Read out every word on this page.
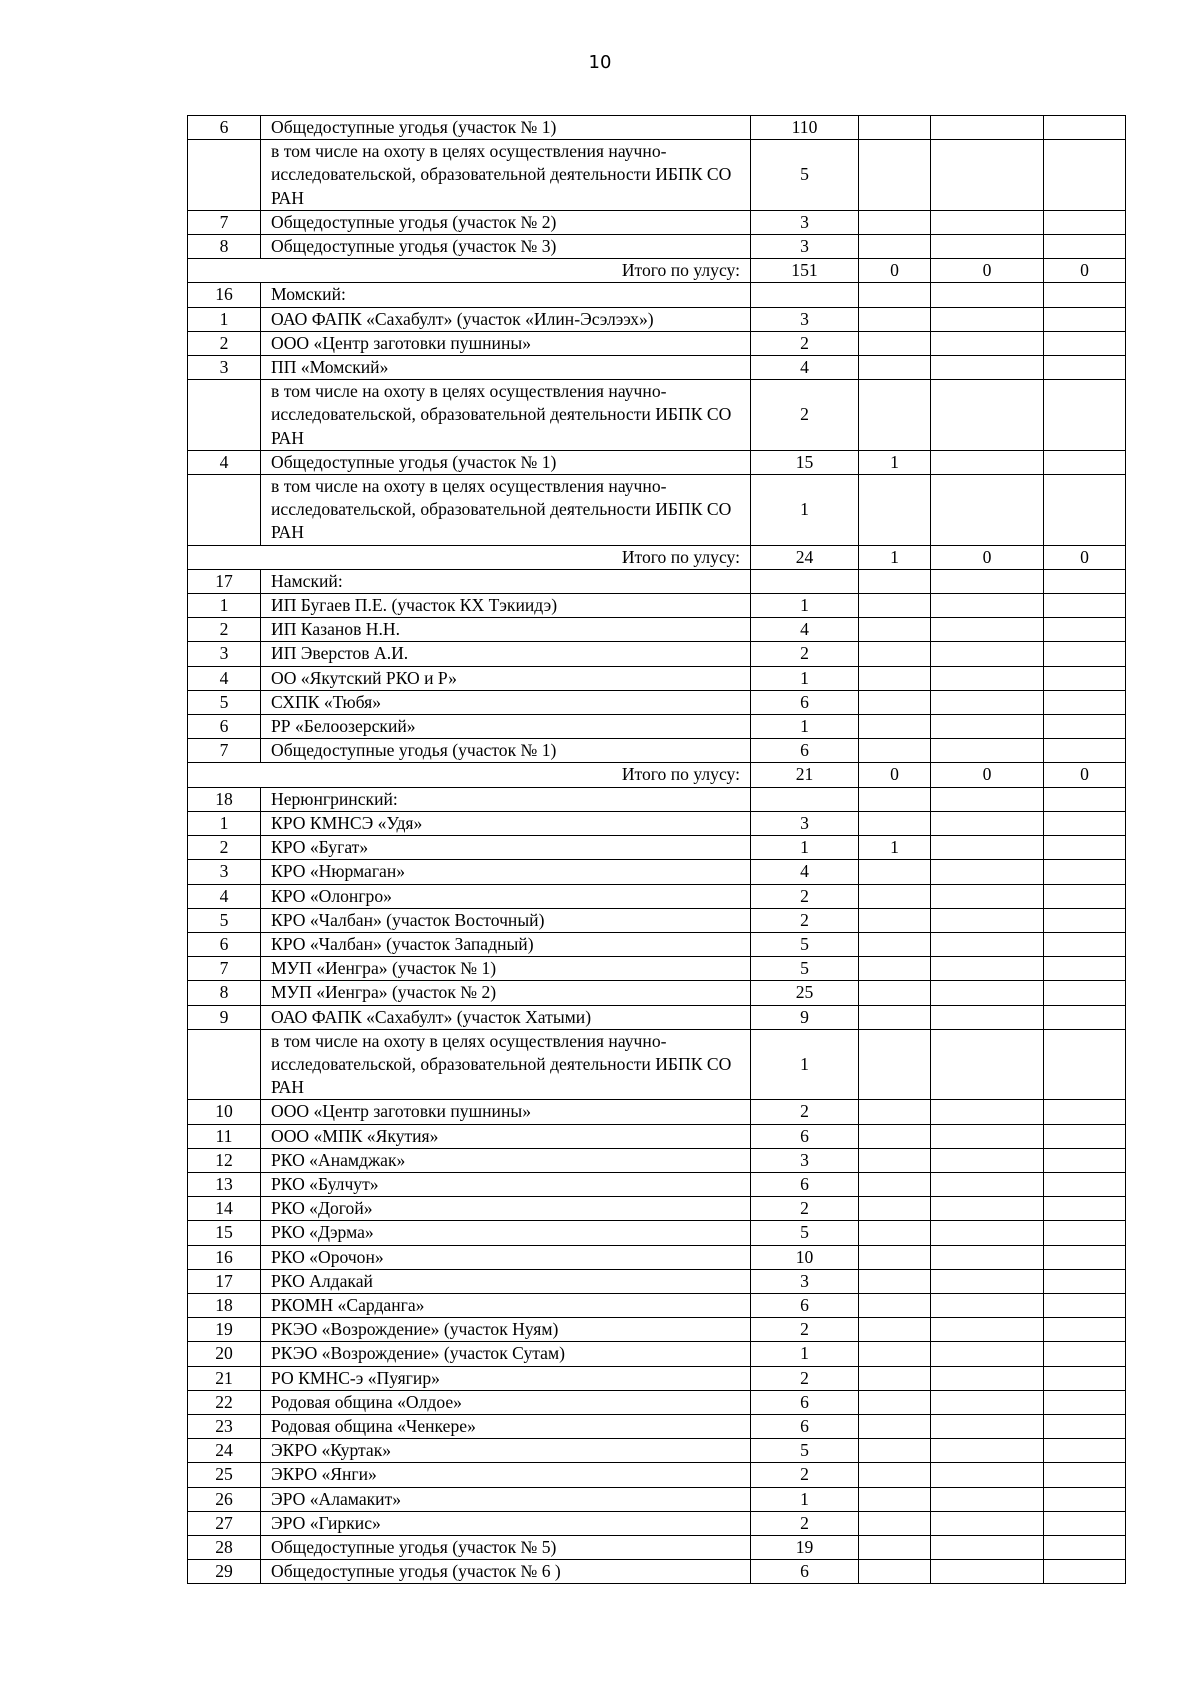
10
6	Общедоступные угодья (участок № 1)	110			
	в том числе на охоту в целях осуществления научно-исследовательской, образовательной деятельности ИБПК СО РАН	5			
7	Общедоступные угодья (участок № 2)	3			
8	Общедоступные угодья (участок № 3)	3			
Итого по улусу:		151	0	0	0
16	Момский:				
1	ОАО ФАПК «Сахабулт» (участок «Илин-Эсэлээх»)	3			
2	ООО «Центр заготовки пушнины»	2			
3	ПП «Момский»	4			
	в том числе на охоту в целях осуществления научно-исследовательской, образовательной деятельности ИБПК СО РАН	2			
4	Общедоступные угодья (участок № 1)	15	1		
	в том числе на охоту в целях осуществления научно-исследовательской, образовательной деятельности ИБПК СО РАН	1			
Итого по улусу:		24	1	0	0
17	Намский:				
1	ИП Бугаев П.Е. (участок КХ Тэкиидэ)	1			
2	ИП Казанов Н.Н.	4			
3	ИП Эверстов А.И.	2			
4	ОО «Якутский РКО и Р»	1			
5	СХПК «Тюбя»	6			
6	РР «Белоозерский»	1			
7	Общедоступные угодья (участок № 1)	6			
Итого по улусу:		21	0	0	0
18	Нерюнгринский:				
1	КРО КМНСЭ «Удя»	3			
2	КРО «Бугат»	1	1		
3	КРО «Нюрмаган»	4			
4	КРО «Олонгро»	2			
5	КРО «Чалбан» (участок Восточный)	2			
6	КРО «Чалбан» (участок Западный)	5			
7	МУП «Иенгра» (участок № 1)	5			
8	МУП «Иенгра» (участок № 2)	25			
9	ОАО ФАПК «Сахабулт» (участок Хатыми)	9			
	в том числе на охоту в целях осуществления научно-исследовательской, образовательной деятельности ИБПК СО РАН	1			
10	ООО «Центр заготовки пушнины»	2			
11	ООО «МПК «Якутия»	6			
12	РКО «Анамджак»	3			
13	РКО «Булчут»	6			
14	РКО «Догой»	2			
15	РКО «Дэрма»	5			
16	РКО «Орочон»	10			
17	РКО Алдакай	3			
18	РКОМН «Сарданга»	6			
19	РКЭО «Возрождение» (участок Нуям)	2			
20	РКЭО «Возрождение» (участок Сутам)	1			
21	РО КМНС-э «Пуягир»	2			
22	Родовая община «Олдое»	6			
23	Родовая община «Ченкере»	6			
24	ЭКРО «Куртак»	5			
25	ЭКРО «Янги»	2			
26	ЭРО «Аламакит»	1			
27	ЭРО «Гиркис»	2			
28	Общедоступные угодья (участок № 5)	19			
29	Общедоступные угодья (участок № 6 )	6			
